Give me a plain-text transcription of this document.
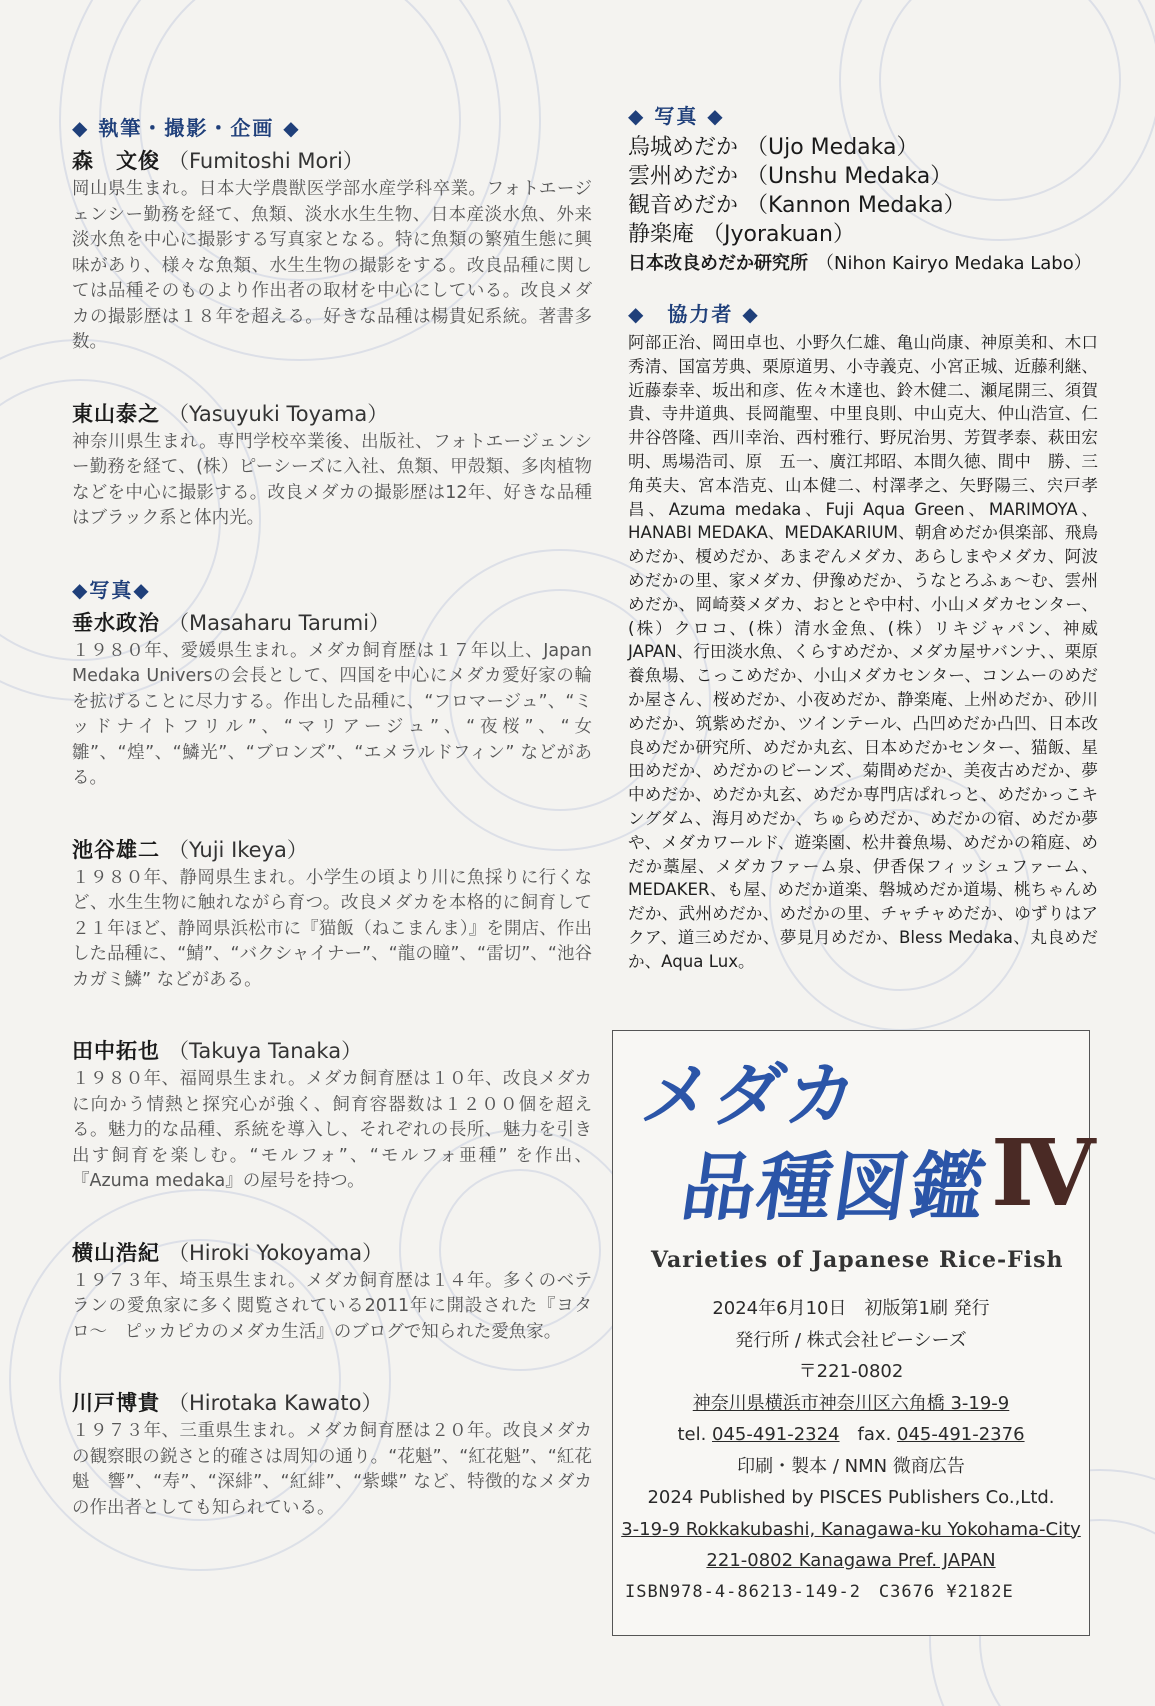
◆ 執筆・撮影・企画 ◆
森　文俊 （Fumitoshi Mori）
岡山県生まれ。日本大学農獣医学部水産学科卒業。フォトエージェンシー勤務を経て、魚類、淡水水生生物、日本産淡水魚、外来淡水魚を中心に撮影する写真家となる。特に魚類の繁殖生態に興味があり、様々な魚類、水生生物の撮影をする。改良品種に関しては品種そのものより作出者の取材を中心にしている。改良メダカの撮影歴は１８年を超える。好きな品種は楊貴妃系統。著書多数。
東山泰之 （Yasuyuki Toyama）
神奈川県生まれ。専門学校卒業後、出版社、フォトエージェンシー勤務を経て、(株）ピーシーズに入社、魚類、甲殻類、多肉植物などを中心に撮影する。改良メダカの撮影歴は12年、好きな品種はブラック系と体内光。
◆写真◆
垂水政治 （Masaharu Tarumi）
１９８０年、愛媛県生まれ。メダカ飼育歴は１７年以上、Japan Medaka Universの会長として、四国を中心にメダカ愛好家の輪を拡げることに尽力する。作出した品種に、“フロマージュ”、“ミッドナイトフリル”、“マリアージュ”、“夜桜”、“女雛”、“煌”、“鱗光”、“ブロンズ”、“エメラルドフィン” などがある。
池谷雄二 （Yuji Ikeya）
１９８０年、静岡県生まれ。小学生の頃より川に魚採りに行くなど、水生生物に触れながら育つ。改良メダカを本格的に飼育して２１年ほど、静岡県浜松市に『猫飯（ねこまんま）』を開店、作出した品種に、“鯖”、“バクシャイナー”、“龍の瞳”、“雷切”、“池谷カガミ鱗” などがある。
田中拓也 （Takuya Tanaka）
１９８０年、福岡県生まれ。メダカ飼育歴は１０年、改良メダカに向かう情熱と探究心が強く、飼育容器数は１２００個を超える。魅力的な品種、系統を導入し、それぞれの長所、魅力を引き出す飼育を楽しむ。“モルフォ”、“モルフォ亜種” を作出、『Azuma medaka』の屋号を持つ。
横山浩紀 （Hiroki Yokoyama）
１９７３年、埼玉県生まれ。メダカ飼育歴は１４年。多くのベテランの愛魚家に多く閲覧されている2011年に開設された『ヨタロ〜　ピッカピカのメダカ生活』のブログで知られた愛魚家。
川戸博貴 （Hirotaka Kawato）
１９７３年、三重県生まれ。メダカ飼育歴は２０年。改良メダカの観察眼の鋭さと的確さは周知の通り。“花魁”、“紅花魁”、“紅花魁　響”、“寿”、“深緋”、“紅緋”、“紫蝶” など、特徴的なメダカの作出者としても知られている。
◆ 写真 ◆
烏城めだか （Ujo Medaka）
雲州めだか （Unshu Medaka）
観音めだか （Kannon Medaka）
静楽庵 （Jyorakuan）
日本改良めだか研究所 （Nihon Kairyo Medaka Labo）
◆　協力者 ◆
阿部正治、岡田卓也、小野久仁雄、亀山尚康、神原美和、木口秀清、国富芳典、栗原道男、小寺義克、小宮正城、近藤利継、近藤泰幸、坂出和彦、佐々木達也、鈴木健二、瀬尾開三、須賀　貴、寺井道典、長岡龍聖、中里良則、中山克大、仲山浩宣、仁井谷啓隆、西川幸治、西村雅行、野尻治男、芳賀孝泰、萩田宏明、馬場浩司、原　五一、廣江邦昭、本間久徳、間中　勝、三角英夫、宮本浩克、山本健二、村澤孝之、矢野陽三、宍戸孝昌、Azuma medaka、Fuji Aqua Green、MARIMOYA、HANABI MEDAKA、MEDAKARIUM、朝倉めだか倶楽部、飛鳥めだか、榎めだか、あまぞんメダカ、あらしまやメダカ、阿波めだかの里、家メダカ、伊豫めだか、うなとろふぁ〜む、雲州めだか、岡崎葵メダカ、おととや中村、小山メダカセンター、(株）クロコ、(株）清水金魚、(株）リキジャパン、神威JAPAN、行田淡水魚、くらすめだか、メダカ屋サバンナ、、栗原養魚場、こっこめだか、小山メダカセンター、コンムーのめだか屋さん、桜めだか、小夜めだか、静楽庵、上州めだか、砂川めだか、筑紫めだか、ツインテール、凸凹めだか凸凹、日本改良めだか研究所、めだか丸玄、日本めだかセンター、猫飯、星田めだか、めだかのビーンズ、菊間めだか、美夜古めだか、夢中めだか、めだか丸玄、めだか専門店ぱれっと、めだかっこキングダム、海月めだか、ちゅらめだか、めだかの宿、めだか夢や、メダカワールド、遊楽園、松井養魚場、めだかの箱庭、めだか藁屋、メダカファーム泉、伊香保フィッシュファーム、MEDAKER、も屋、めだか道楽、磐城めだか道場、桃ちゃんめだか、武州めだか、めだかの里、チャチャめだか、ゆずりはアクア、道三めだか、夢見月めだか、Bless Medaka、丸良めだか、Aqua Lux。
メダカ
品種図鑑
Ⅳ
Varieties of Japanese Rice-Fish
2024年6月10日　初版第1刷 発行
発行所 / 株式会社ピーシーズ
〒221-0802
神奈川県横浜市神奈川区六角橋 3-19-9
tel. 045-491-2324　 fax. 045-491-2376
印刷・製本 / NMN 微商広告
2024 Published by PISCES Publishers Co.,Ltd.
3-19-9 Rokkakubashi, Kanagawa-ku Yokohama-City
221-0802 Kanagawa Pref. JAPAN
ISBN978-4-86213-149-2　C3676 ¥2182E
